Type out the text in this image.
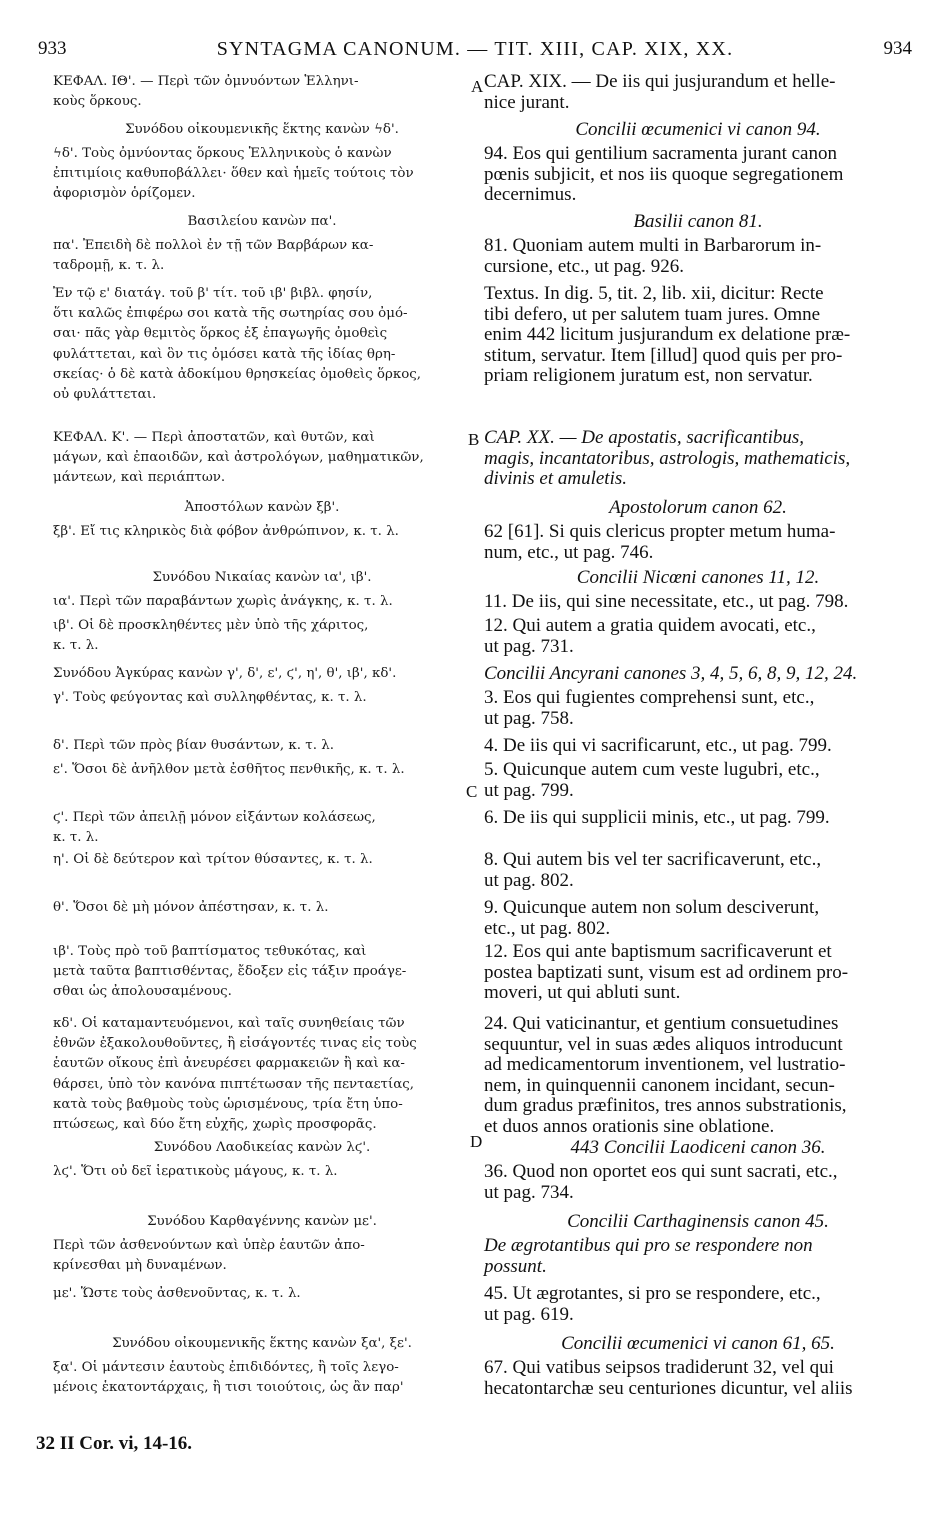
933	SYNTAGMA CANONUM. — TIT. XIII, CAP. XIX, XX.	934
ΚΕΦΑΛ. ΙΘ'. — Περὶ τῶν ὀμνυόντων Ἑλληνι-
κοὺς ὅρκους.
CAP. XIX. — De iis qui jusjurandum et helle-
nice jurant.
Συνόδου οἰκουμενικῆς ἕκτης κανὼν ϟδ'.	Concilii œcumenici vi canon 94.
ϟδ'. Τοὺς ὀμνύοντας ὅρκους Ἑλληνικοὺς ὁ κανὼν
ἐπιτιμίοις καθυποβάλλει· ὅθεν καὶ ἡμεῖς τούτοις τὸν
ἀφορισμὸν ὁρίζομεν.
94. Eos qui gentilium sacramenta jurant canon
pœnis subjicit, et nos iis quoque segregationem
decernimus.
Βασιλείου κανὼν πα'.	Basilii canon 81.
πα'. Ἐπειδὴ δὲ πολλοὶ ἐν τῇ τῶν Βαρβάρων κα-
ταδρομῇ, κ. τ. λ.
81. Quoniam autem multi in Barbarorum in-
cursione, etc., ut pag. 926.
Ἐν τῷ ε' διατάγ. τοῦ β' τίτ. τοῦ ιβ' βιβλ. φησίν,
ὅτι καλῶς ἐπιφέρω σοι κατὰ τῆς σωτηρίας σου ὀμό-
σαι· πᾶς γὰρ θεμιτὸς ὅρκος ἐξ ἐπαγωγῆς ὀμοθεὶς
φυλάττεται, καὶ ὃν τις ὀμόσει κατὰ τῆς ἰδίας θρη-
σκείας· ὁ δὲ κατὰ ἀδοκίμου θρησκείας ὀμοθεὶς ὅρκος,
οὐ φυλάττεται.
Textus. In dig. 5, tit. 2, lib. xii, dicitur: Recte
tibi defero, ut per salutem tuam jures. Omne
enim 442 licitum jusjurandum ex delatione præ-
stitum, servatur. Item [illud] quod quis per pro-
priam religionem juratum est, non servatur.
ΚΕΦΑΛ. Κ'. — Περὶ ἀποστατῶν, καὶ θυτῶν, καὶ
μάγων, καὶ ἐπαοιδῶν, καὶ ἀστρολόγων, μαθηματικῶν,
μάντεων, καὶ περιάπτων.
CAP. XX. — De apostatis, sacrificantibus,
magis, incantatoribus, astrologis, mathematicis,
divinis et amuletis.
Ἀποστόλων κανὼν ξβ'.	Apostolorum canon 62.
ξβ'. Εἴ τις κληρικὸς διὰ φόβον ἀνθρώπινον, κ. τ. λ.	62 [61]. Si quis clericus propter metum huma-
num, etc., ut pag. 746.
Συνόδου Νικαίας κανὼν ια', ιβ'.	Concilii Nicœni canones 11, 12.
ια'. Περὶ τῶν παραβάντων χωρὶς ἀνάγκης, κ. τ. λ.	11. De iis, qui sine necessitate, etc., ut pag. 798.
ιβ'. Οἱ δὲ προσκληθέντες μὲν ὑπὸ τῆς χάριτος,
κ. τ. λ.
12. Qui autem a gratia quidem avocati, etc.,
ut pag. 731.
Συνόδου Ἀγκύρας κανὼν γ', δ', ε', ϛ', η', θ', ιβ', κδ'.	Concilii Ancyrani canones 3, 4, 5, 6, 8, 9, 12, 24.
γ'. Τοὺς φεύγοντας καὶ συλληφθέντας, κ. τ. λ.	3. Eos qui fugientes comprehensi sunt, etc.,
ut pag. 758.
δ'. Περὶ τῶν πρὸς βίαν θυσάντων, κ. τ. λ.	4. De iis qui vi sacrificarunt, etc., ut pag. 799.
ε'. Ὅσοι δὲ ἀνῆλθον μετὰ ἐσθῆτος πενθικῆς, κ. τ. λ.	5. Quicunque autem cum veste lugubri, etc.,
ut pag. 799.
ϛ'. Περὶ τῶν ἀπειλῇ μόνον εἰξάντων κολάσεως,
κ. τ. λ.
6. De iis qui supplicii minis, etc., ut pag. 799.
η'. Οἱ δὲ δεύτερον καὶ τρίτον θύσαντες, κ. τ. λ.	8. Qui autem bis vel ter sacrificaverunt, etc.,
ut pag. 802.
θ'. Ὅσοι δὲ μὴ μόνον ἀπέστησαν, κ. τ. λ.	9. Quicunque autem non solum desciverunt,
etc., ut pag. 802.
ιβ'. Τοὺς πρὸ τοῦ βαπτίσματος τεθυκότας, καὶ
μετὰ ταῦτα βαπτισθέντας, ἔδοξεν εἰς τάξιν προάγε-
σθαι ὡς ἀπολουσαμένους.
12. Eos qui ante baptismum sacrificaverunt et
postea baptizati sunt, visum est ad ordinem pro-
moveri, ut qui abluti sunt.
κδ'. Οἱ καταμαντευόμενοι, καὶ ταῖς συνηθείαις τῶν
ἐθνῶν ἐξακολουθοῦντες, ἢ εἰσάγοντές τινας εἰς τοὺς
ἑαυτῶν οἴκους ἐπὶ ἀνευρέσει φαρμακειῶν ἢ καὶ κα-
θάρσει, ὑπὸ τὸν κανόνα πιπτέτωσαν τῆς πενταετίας,
κατὰ τοὺς βαθμοὺς τοὺς ὡρισμένους, τρία ἔτη ὑπο-
πτώσεως, καὶ δύο ἔτη εὐχῆς, χωρὶς προσφορᾶς.
24. Qui vaticinantur, et gentium consuetudines
sequuntur, vel in suas ædes aliquos introducunt
ad medicamentorum inventionem, vel lustratio-
nem, in quinquennii canonem incidant, secun-
dum gradus præfinitos, tres annos substrationis,
et duos annos orationis sine oblatione.
Συνόδου Λαοδικείας κανὼν λϛ'.	443 Concilii Laodiceni canon 36.
λϛ'. Ὅτι οὐ δεῖ ἱερατικοὺς μάγους, κ. τ. λ.	36. Quod non oportet eos qui sunt sacrati, etc.,
ut pag. 734.
Συνόδου Καρθαγέννης κανὼν με'.	Concilii Carthaginensis canon 45.
Περὶ τῶν ἀσθενούντων καὶ ὑπὲρ ἑαυτῶν ἀπο-
κρίνεσθαι μὴ δυναμένων.
De ægrotantibus qui pro se respondere non
possunt.
με'. Ὥστε τοὺς ἀσθενοῦντας, κ. τ. λ.	45. Ut ægrotantes, si pro se respondere, etc.,
ut pag. 619.
Συνόδου οἰκουμενικῆς ἕκτης κανὼν ξα', ξε'.	Concilii œcumenici vi canon 61, 65.
ξα'. Οἱ μάντεσιν ἑαυτοὺς ἐπιδιδόντες, ἢ τοῖς λεγο-
μένοις ἑκατοντάρχαις, ἢ τισι τοιούτοις, ὡς ἂν παρ'
67. Qui vatibus seipsos tradiderunt 32, vel qui
hecatontarchæ seu centuriones dicuntur, vel aliis
A
B
C
D
32 II Cor. vi, 14-16.
